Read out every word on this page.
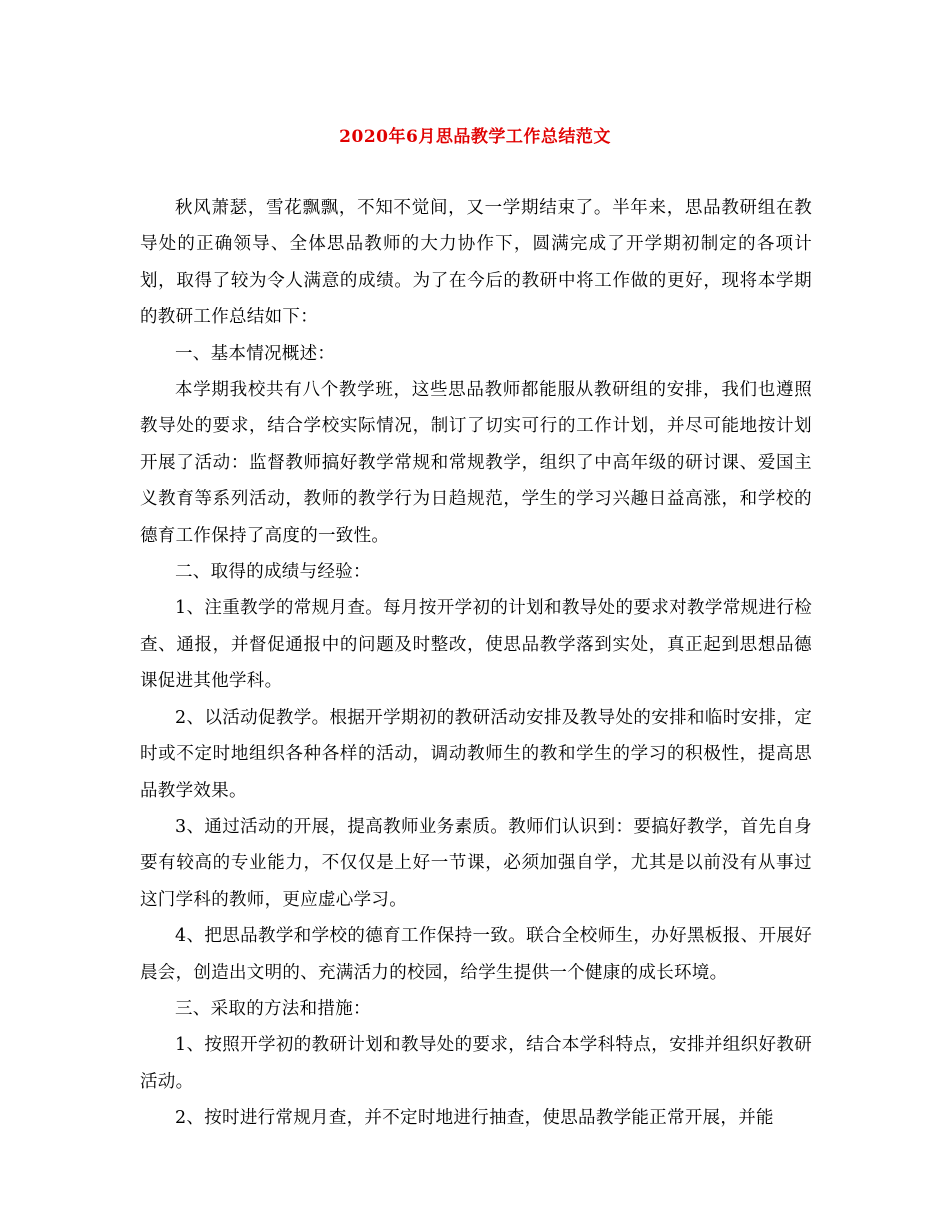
2020年6月思品教学工作总结范文

秋风萧瑟，雪花飘飘，不知不觉间，又一学期结束了。半年来，思品教研组在教导处的正确领导、全体思品教师的大力协作下，圆满完成了开学期初制定的各项计划，取得了较为令人满意的成绩。为了在今后的教研中将工作做的更好，现将本学期的教研工作总结如下：

一、基本情况概述：

本学期我校共有八个教学班，这些思品教师都能服从教研组的安排，我们也遵照教导处的要求，结合学校实际情况，制订了切实可行的工作计划，并尽可能地按计划开展了活动：监督教师搞好教学常规和常规教学，组织了中高年级的研讨课、爱国主义教育等系列活动，教师的教学行为日趋规范，学生的学习兴趣日益高涨，和学校的德育工作保持了高度的一致性。

二、取得的成绩与经验：

1、注重教学的常规月查。每月按开学初的计划和教导处的要求对教学常规进行检查、通报，并督促通报中的问题及时整改，使思品教学落到实处，真正起到思想品德课促进其他学科。

2、以活动促教学。根据开学期初的教研活动安排及教导处的安排和临时安排，定时或不定时地组织各种各样的活动，调动教师生的教和学生的学习的积极性，提高思品教学效果。

3、通过活动的开展，提高教师业务素质。教师们认识到：要搞好教学，首先自身要有较高的专业能力，不仅仅是上好一节课，必须加强自学，尤其是以前没有从事过这门学科的教师，更应虚心学习。

4、把思品教学和学校的德育工作保持一致。联合全校师生，办好黑板报、开展好晨会，创造出文明的、充满活力的校园，给学生提供一个健康的成长环境。

三、采取的方法和措施：

1、按照开学初的教研计划和教导处的要求，结合本学科特点，安排并组织好教研活动。

2、按时进行常规月查，并不定时地进行抽查，使思品教学能正常开展，并能
